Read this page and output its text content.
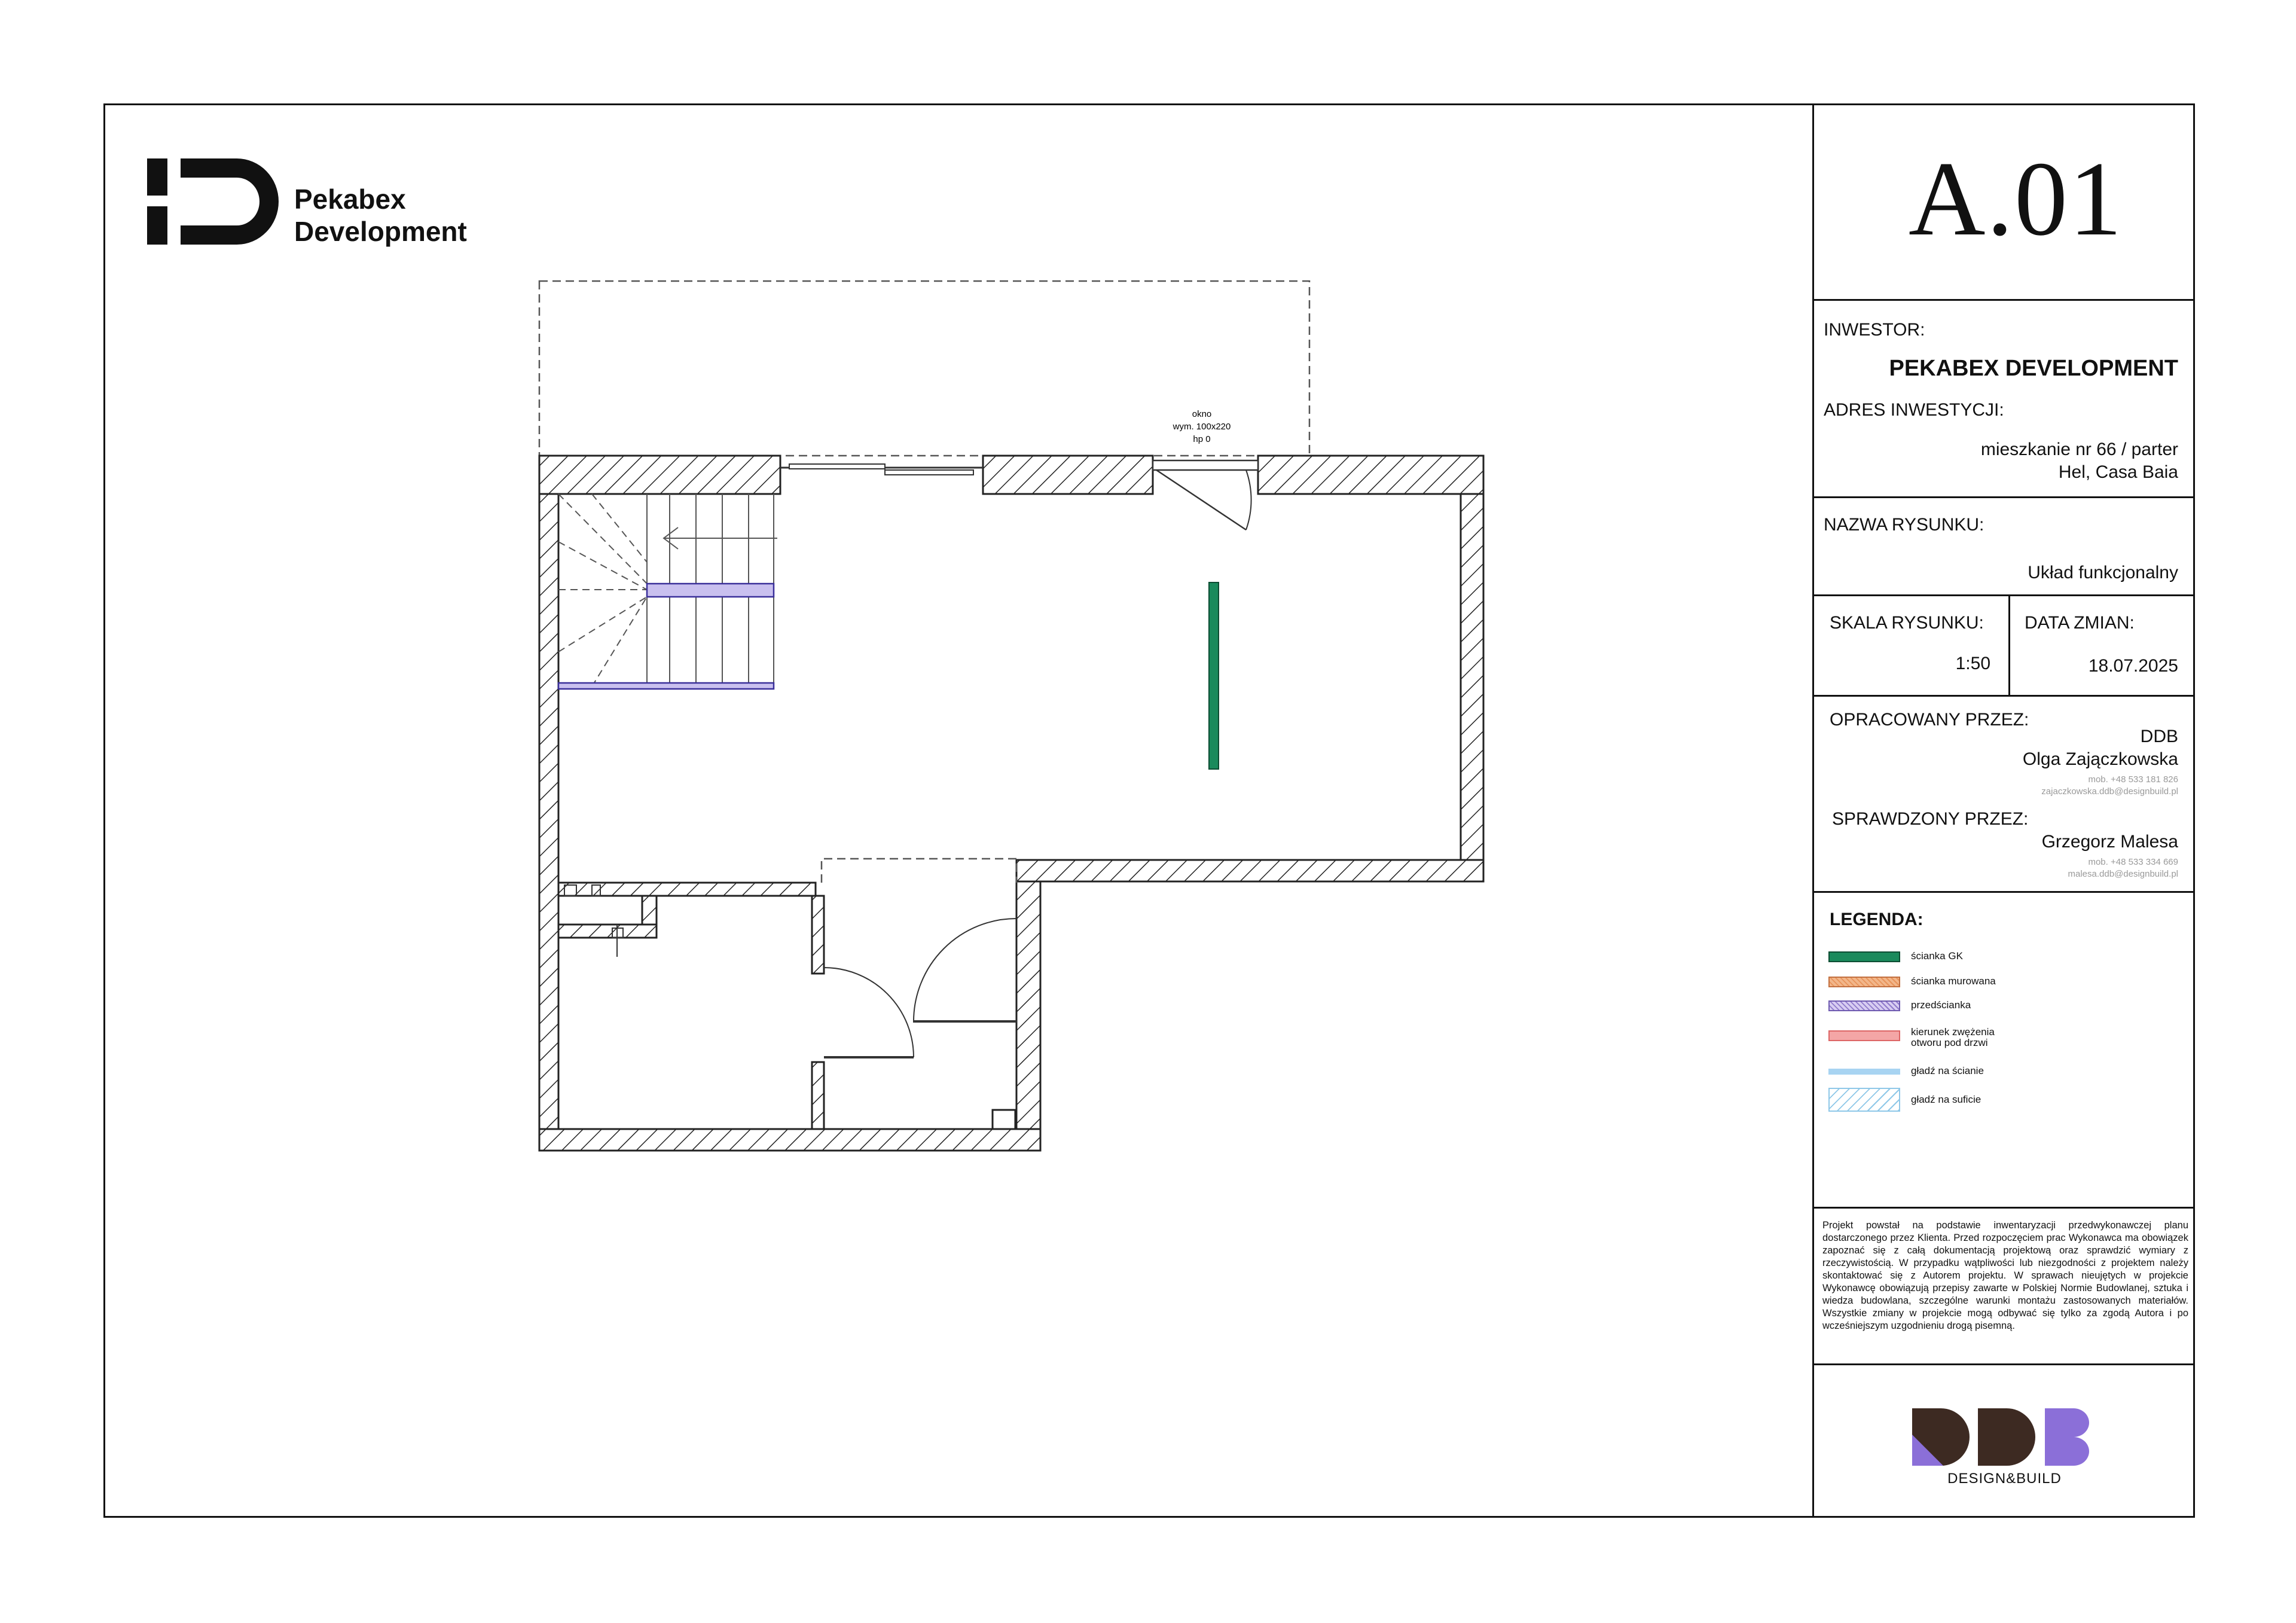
Pekabex
Development
okno
wym. 100x220
hp 0
A.01
INWESTOR:
PEKABEX DEVELOPMENT
ADRES INWESTYCJI:
mieszkanie nr 66 / parter
Hel, Casa Baia
NAZWA RYSUNKU:
Układ funkcjonalny
SKALA RYSUNKU:
1:50
DATA ZMIAN:
18.07.2025
OPRACOWANY PRZEZ:
DDB
Olga Zajączkowska
mob. +48 533 181 826
zajaczkowska.ddb@designbuild.pl
SPRAWDZONY PRZEZ:
Grzegorz Malesa
mob. +48 533 334 669
malesa.ddb@designbuild.pl
LEGENDA:
ścianka GK
ścianka murowana
przedścianka
kierunek zwężenia otworu pod drzwi
gładź na ścianie
gładź na suficie
Projekt powstał na podstawie inwentaryzacji przedwykonawczej planu dostarczonego przez Klienta. Przed rozpoczęciem prac Wykonawca ma obowiązek zapoznać się z całą dokumentacją projektową oraz sprawdzić wymiary z rzeczywistością. W przypadku wątpliwości lub niezgodności z projektem należy skontaktować się z Autorem projektu. W sprawach nieujętych w projekcie Wykonawcę obowiązują przepisy zawarte w Polskiej Normie Budowlanej, sztuka i wiedza budowlana, szczególne warunki montażu zastosowanych materiałów. Wszystkie zmiany w projekcie mogą odbywać się tylko za zgodą Autora i po wcześniejszym uzgodnieniu drogą pisemną.
DESIGN&BUILD
